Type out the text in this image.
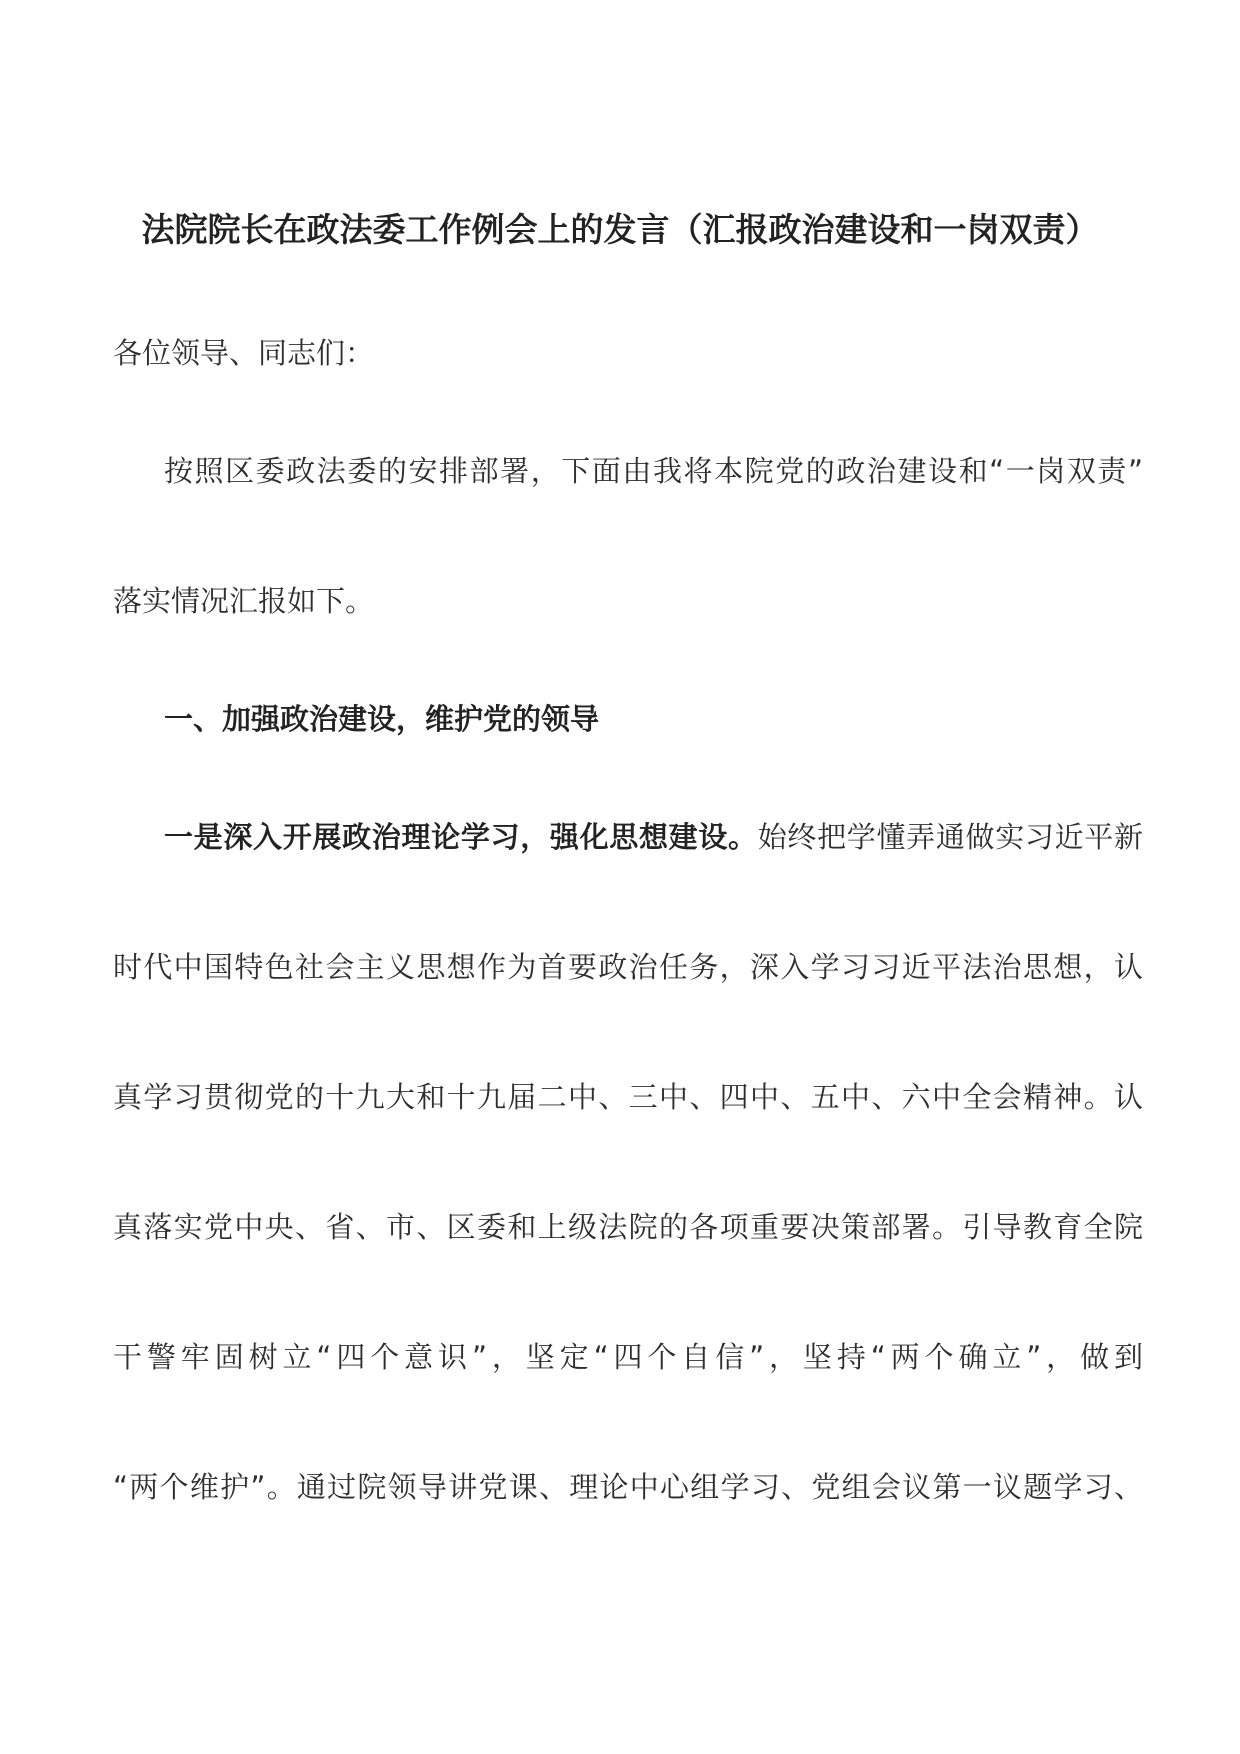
法院院长在政法委工作例会上的发言（汇报政治建设和一岗双责）

各位领导、同志们：

按照区委政法委的安排部署，下面由我将本院党的政治建设和“一岗双责”

落实情况汇报如下。

一、加强政治建设，维护党的领导

一是深入开展政治理论学习，强化思想建设。始终把学懂弄通做实习近平新

时代中国特色社会主义思想作为首要政治任务，深入学习习近平法治思想，认

真学习贯彻党的十九大和十九届二中、三中、四中、五中、六中全会精神。认

真落实党中央、省、市、区委和上级法院的各项重要决策部署。引导教育全院

干警牢固树立“四个意识”，坚定“四个自信”，坚持“两个确立”，做到

“两个维护”。通过院领导讲党课、理论中心组学习、党组会议第一议题学习、
